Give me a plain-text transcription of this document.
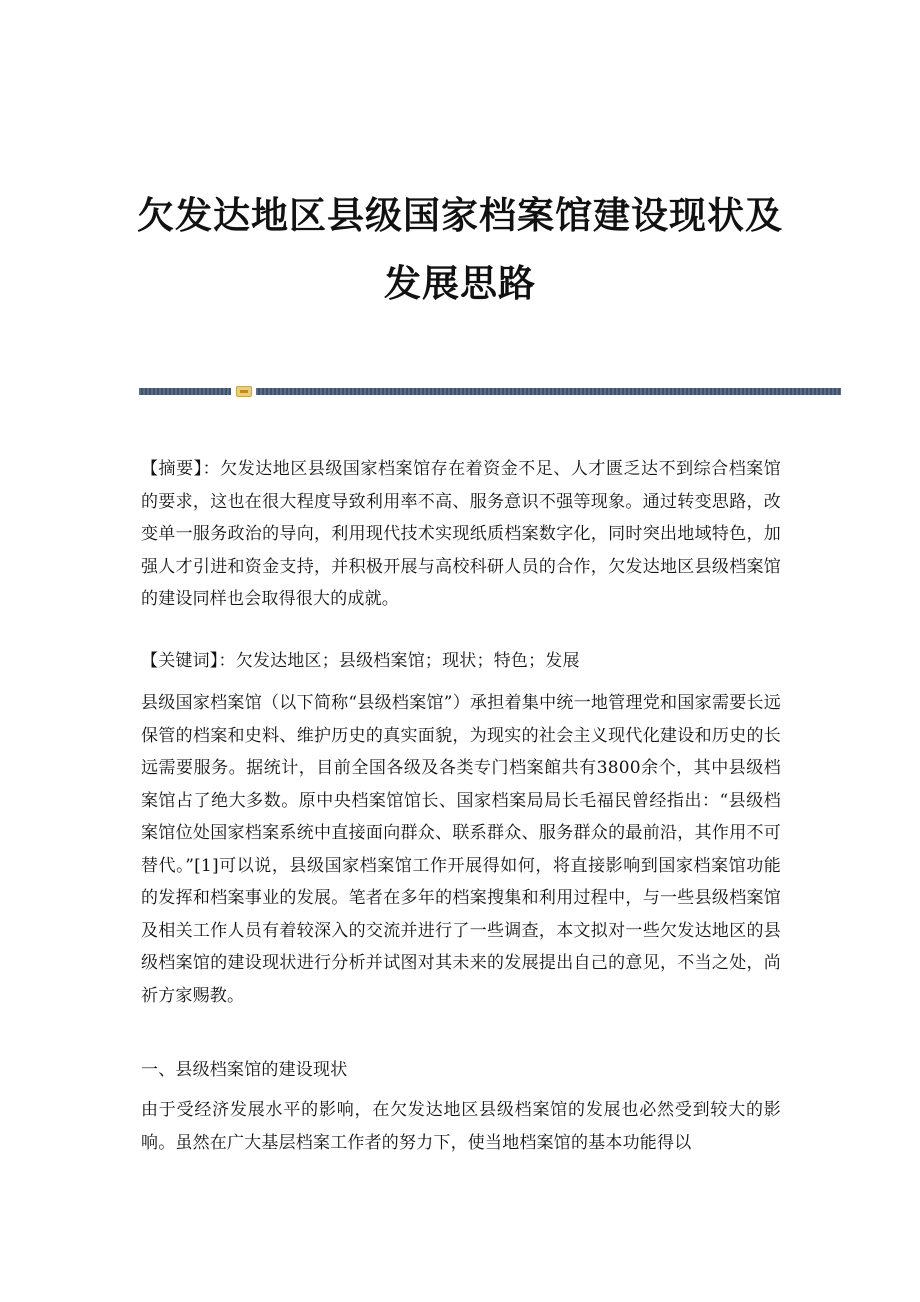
欠发达地区县级国家档案馆建设现状及
发展思路

【摘要】：欠发达地区县级国家档案馆存在着资金不足、人才匮乏达不到综合档案馆的要求，这也在很大程度导致利用率不高、服务意识不强等现象。通过转变思路，改变单一服务政治的导向，利用现代技术实现纸质档案数字化，同时突出地域特色，加强人才引进和资金支持，并积极开展与高校科研人员的合作，欠发达地区县级档案馆的建设同样也会取得很大的成就。

【关键词】：欠发达地区；县级档案馆；现状；特色；发展

县级国家档案馆（以下简称“县级档案馆”）承担着集中统一地管理党和国家需要长远保管的档案和史料、维护历史的真实面貌，为现实的社会主义现代化建设和历史的长远需要服务。据统计，目前全国各级及各类专门档案館共有3800余个，其中县级档案馆占了绝大多数。原中央档案馆馆长、国家档案局局长毛福民曾经指出：“县级档案馆位处国家档案系统中直接面向群众、联系群众、服务群众的最前沿，其作用不可替代。”[1]可以说，县级国家档案馆工作开展得如何，将直接影响到国家档案馆功能的发挥和档案事业的发展。笔者在多年的档案搜集和利用过程中，与一些县级档案馆及相关工作人员有着较深入的交流并进行了一些调查，本文拟对一些欠发达地区的县级档案馆的建设现状进行分析并试图对其未来的发展提出自己的意见，不当之处，尚祈方家赐教。

一、县级档案馆的建设现状

由于受经济发展水平的影响，在欠发达地区县级档案馆的发展也必然受到较大的影响。虽然在广大基层档案工作者的努力下，使当地档案馆的基本功能得以
